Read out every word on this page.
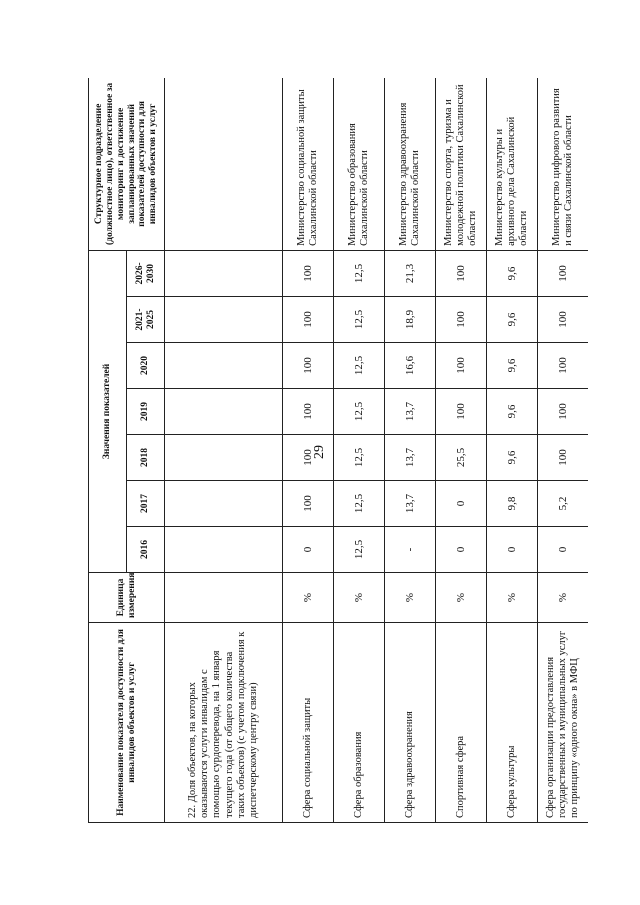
29
Наименование показателя доступности для инвалидов объектов и услуг	Единица измерения	Значения показателей							Структурное подразделение (должностное лицо), ответственное за мониторинг и достижение запланированных значений показателей доступности для инвалидов объектов и услуг
		2016	2017	2018	2019	2020	2021-2025	2026-2030	
22. Доля объектов, на которых оказываются услуги инвалидам с помощью сурдоперевода, на 1 января текущего года (от общего количества таких объектов) (с учетом подключения к диспетчерскому центру связи)									
Сфера социальной защиты	%	0	100	100	100	100	100	100	Министерство социальной защиты Сахалинской области
Сфера образования	%	12,5	12,5	12,5	12,5	12,5	12,5	12,5	Министерство образования Сахалинской области
Сфера здравоохранения	%	-	13,7	13,7	13,7	16,6	18,9	21,3	Министерство здравоохранения Сахалинской области
Спортивная сфера	%	0	0	25,5	100	100	100	100	Министерство спорта, туризма и молодежной политики Сахалинской области
Сфера культуры	%	0	9,8	9,6	9,6	9,6	9,6	9,6	Министерство культуры и архивного дела Сахалинской области
Сфера организации предоставления государственных и муниципальных услуг по принципу «одного окна» в МФЦ	%	0	5,2	100	100	100	100	100	Министерство цифрового развития и связи Сахалинской области
